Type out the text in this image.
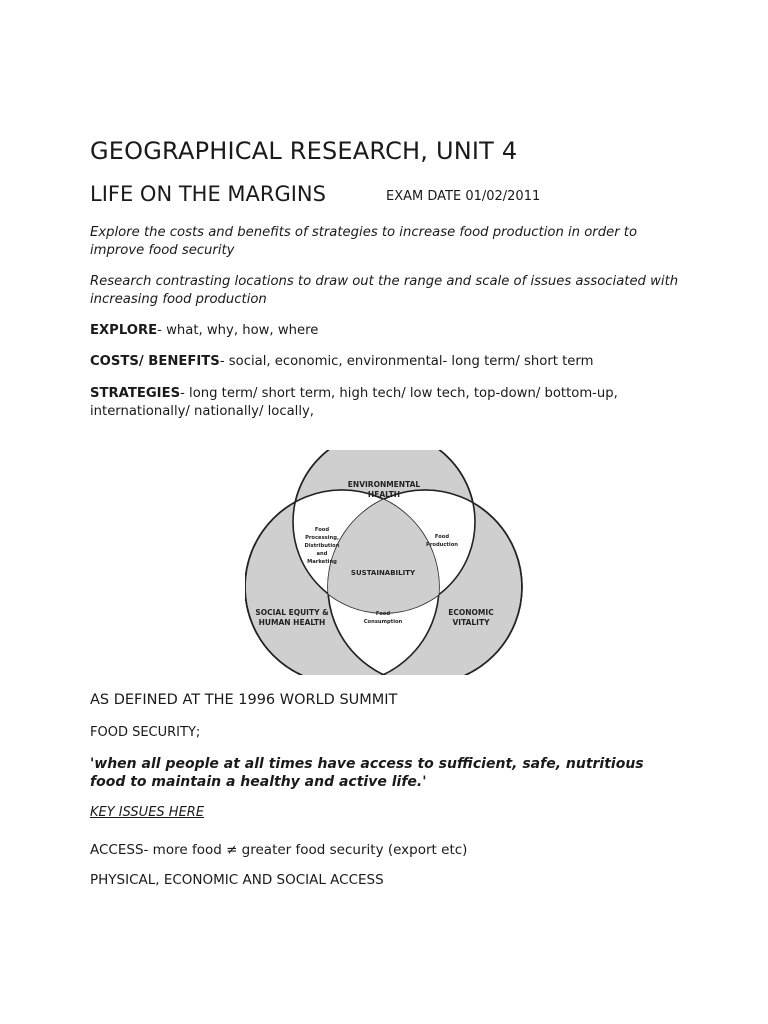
GEOGRAPHICAL RESEARCH, UNIT 4
LIFE ON THE MARGINS	EXAM DATE 01/02/2011

Explore the costs and benefits of strategies to increase food production in order to improve food security

Research contrasting locations to draw out the range and scale of issues associated with increasing food production

EXPLORE- what, why, how, where

COSTS/ BENEFITS- social, economic, environmental- long term/ short term

STRATEGIES- long term/ short term, high tech/ low tech, top-down/ bottom-up, internationally/ nationally/ locally,

ENVIRONMENTAL
HEALTH
SOCIAL EQUITY &
HUMAN HEALTH
ECONOMIC
VITALITY
SUSTAINABILITY
Food
Processing,
Distribution
and
Marketing
Food
Production
Food
Consumption
AS DEFINED AT THE 1996 WORLD SUMMIT
FOOD SECURITY;

'when all people at all times have access to sufficient, safe, nutritious food to maintain a healthy and active life.'

KEY ISSUES HERE
ACCESS- more food ≠ greater food security (export etc)
PHYSICAL, ECONOMIC AND SOCIAL ACCESS
